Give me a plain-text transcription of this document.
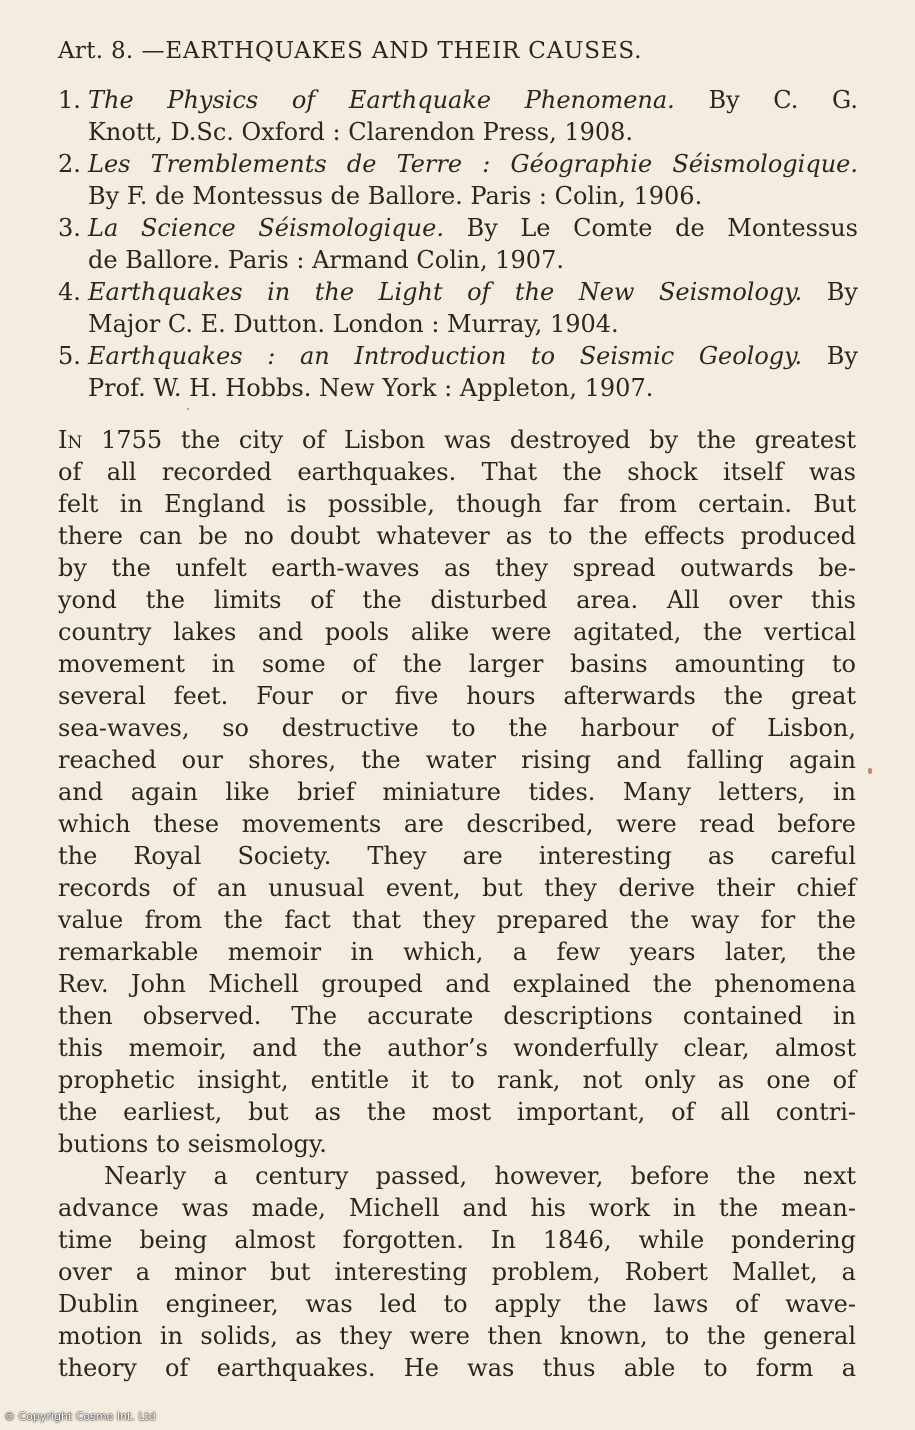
Art. 8. —EARTHQUAKES AND THEIR CAUSES.
1. The Physics of Earthquake Phenomena. By C. G.
Knott, D.Sc. Oxford : Clarendon Press, 1908.
2. Les Tremblements de Terre : Géographie Séismologique.
By F. de Montessus de Ballore. Paris : Colin, 1906.
3. La Science Séismologique. By Le Comte de Montessus
de Ballore. Paris : Armand Colin, 1907.
4. Earthquakes in the Light of the New Seismology. By
Major C. E. Dutton. London : Murray, 1904.
5. Earthquakes : an Introduction to Seismic Geology. By
Prof. W. H. Hobbs. New York : Appleton, 1907.
In 1755 the city of Lisbon was destroyed by the greatest
of all recorded earthquakes. That the shock itself was
felt in England is possible, though far from certain. But
there can be no doubt whatever as to the effects produced
by the unfelt earth-waves as they spread outwards be-
yond the limits of the disturbed area. All over this
country lakes and pools alike were agitated, the vertical
movement in some of the larger basins amounting to
several feet. Four or five hours afterwards the great
sea-waves, so destructive to the harbour of Lisbon,
reached our shores, the water rising and falling again
and again like brief miniature tides. Many letters, in
which these movements are described, were read before
the Royal Society. They are interesting as careful
records of an unusual event, but they derive their chief
value from the fact that they prepared the way for the
remarkable memoir in which, a few years later, the
Rev. John Michell grouped and explained the phenomena
then observed. The accurate descriptions contained in
this memoir, and the author’s wonderfully clear, almost
prophetic insight, entitle it to rank, not only as one of
the earliest, but as the most important, of all contri-
butions to seismology.
Nearly a century passed, however, before the next
advance was made, Michell and his work in the mean-
time being almost forgotten. In 1846, while pondering
over a minor but interesting problem, Robert Mallet, a
Dublin engineer, was led to apply the laws of wave-
motion in solids, as they were then known, to the general
theory of earthquakes. He was thus able to form a
© Copyright Cosmo Int. Ltd
